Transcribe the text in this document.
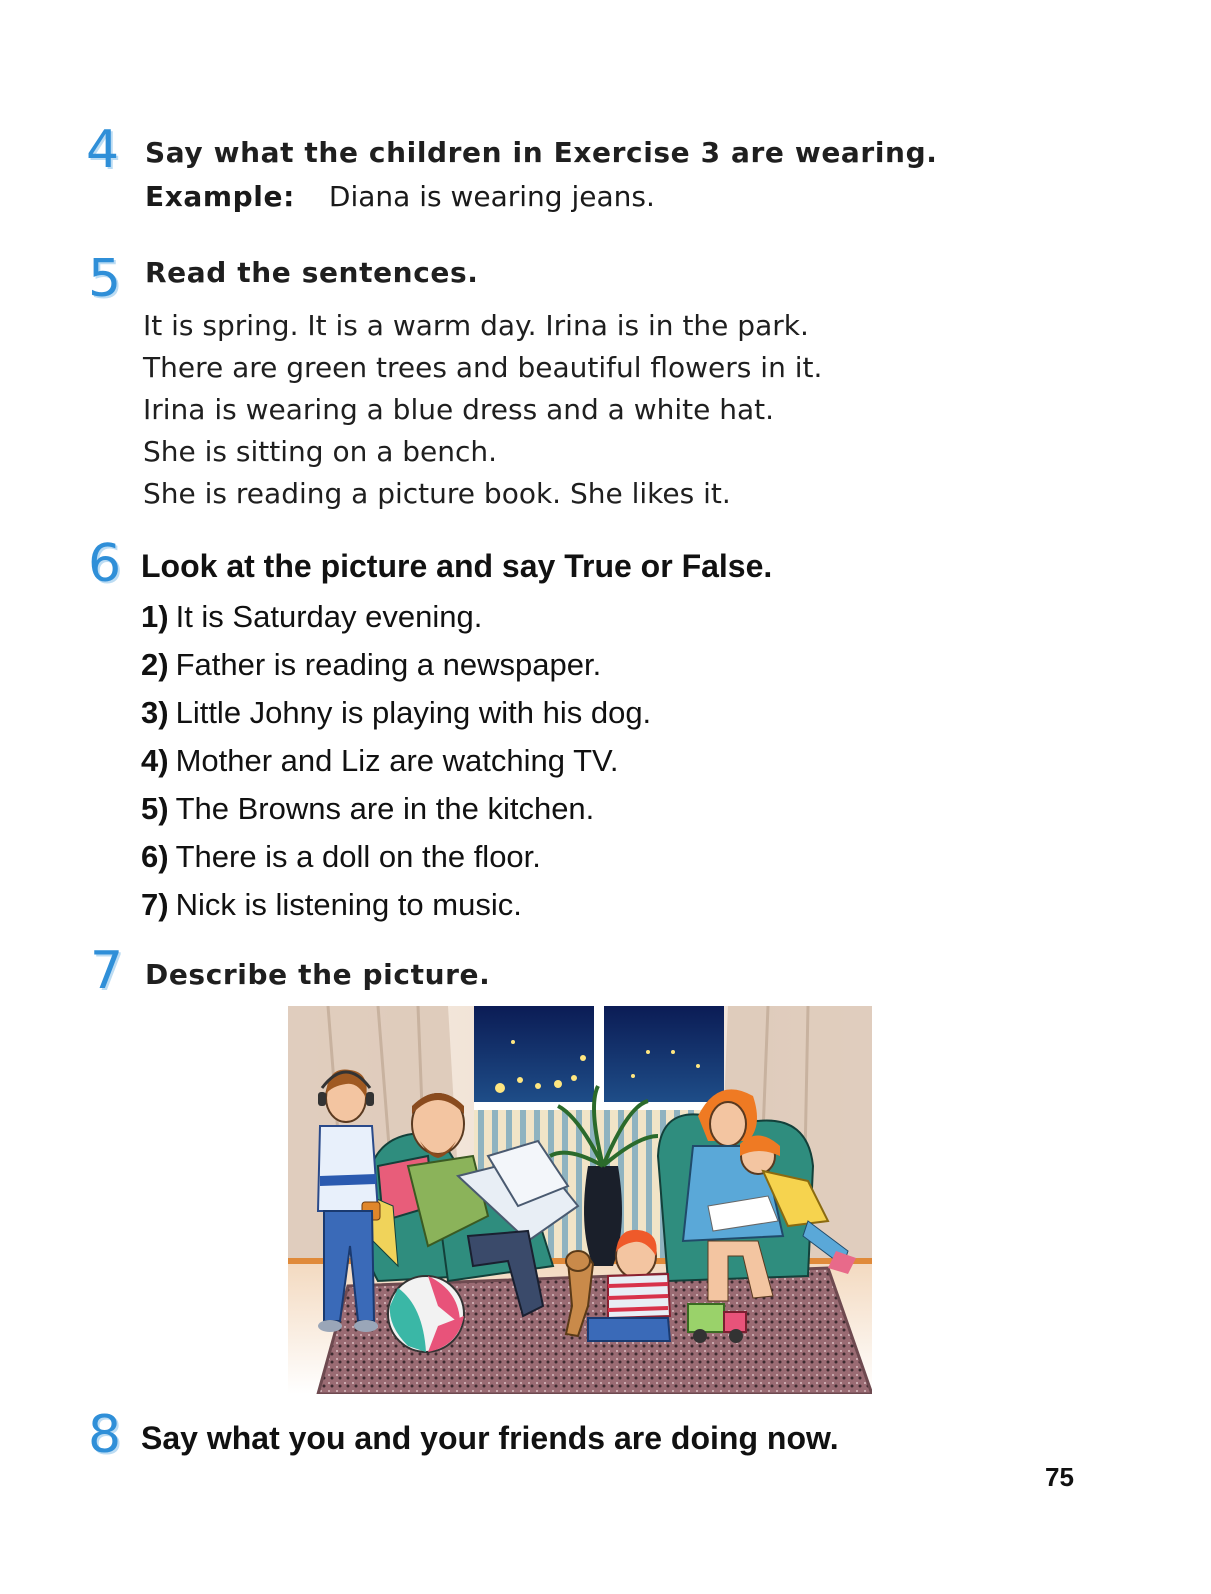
4 Say what the children in Exercise 3 are wearing.
Example: Diana is wearing jeans.
5 Read the sentences.
It is spring. It is a warm day. Irina is in the park.
There are green trees and beautiful flowers in it.
Irina is wearing a blue dress and a white hat.
She is sitting on a bench.
She is reading a picture book. She likes it.
6 Look at the picture and say True or False.
1) It is Saturday evening.
2) Father is reading a newspaper.
3) Little Johny is playing with his dog.
4) Mother and Liz are watching TV.
5) The Browns are in the kitchen.
6) There is a doll on the floor.
7) Nick is listening to music.
7 Describe the picture.
8 Say what you and your friends are doing now.
75
